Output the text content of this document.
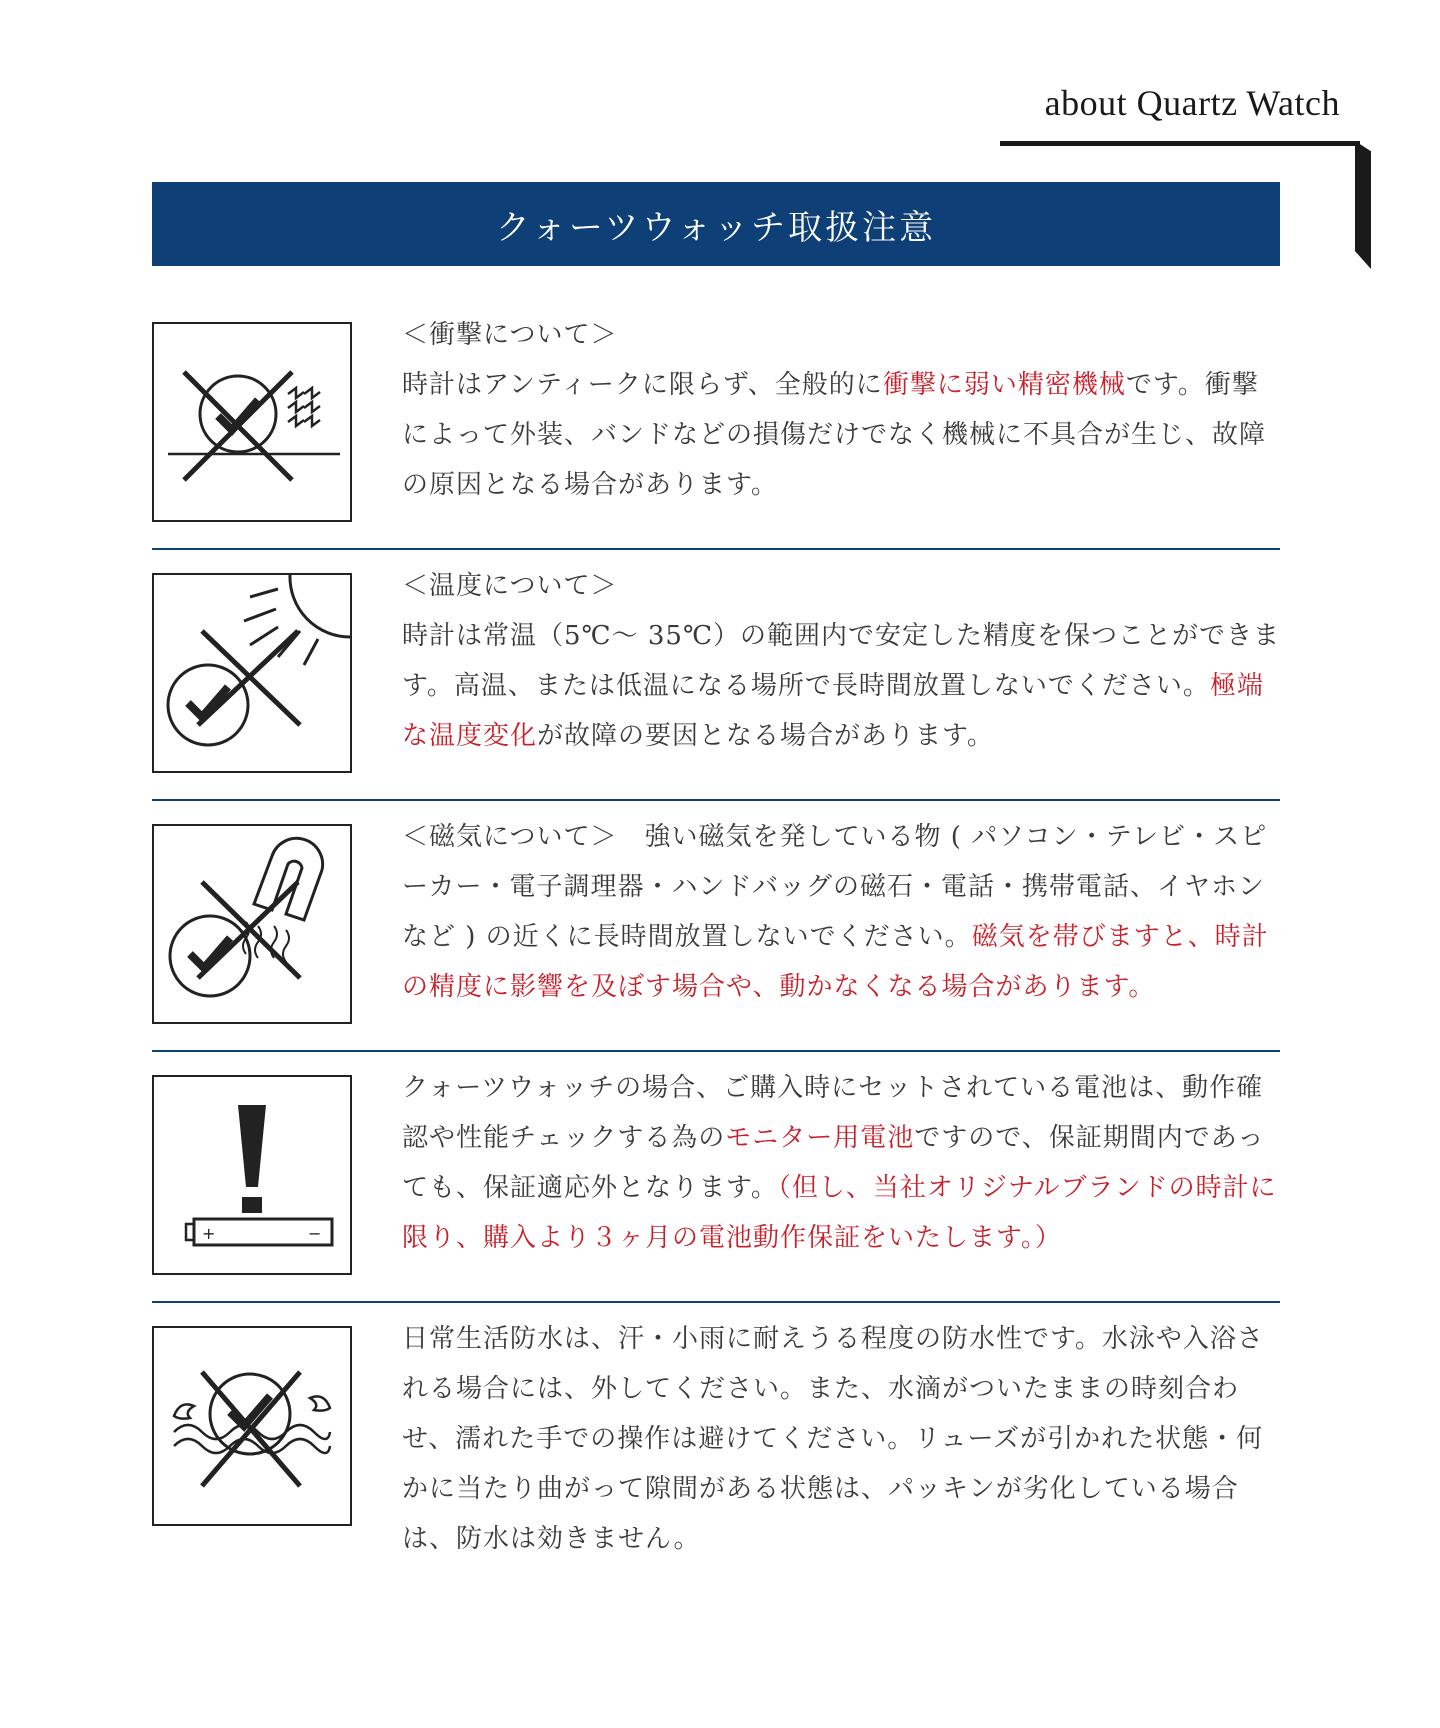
about Quartz Watch
クォーツウォッチ取扱注意

＜衝撃について＞

時計はアンティークに限らず、全般的に衝撃に弱い精密機械です。衝撃によって外装、バンドなどの損傷だけでなく機械に不具合が生じ、故障の原因となる場合があります。

＜温度について＞

時計は常温（5℃～ 35℃）の範囲内で安定した精度を保つことができます。高温、または低温になる場所で長時間放置しないでください。極端な温度変化が故障の要因となる場合があります。

＜磁気について＞　強い磁気を発している物 ( パソコン・テレビ・スピーカー・電子調理器・ハンドバッグの磁石・電話・携帯電話、イヤホンなど ) の近くに長時間放置しないでください。磁気を帯びますと、時計の精度に影響を及ぼす場合や、動かなくなる場合があります。

+	−

クォーツウォッチの場合、ご購入時にセットされている電池は、動作確認や性能チェックする為のモニター用電池ですので、保証期間内であっても、保証適応外となります。（但し、当社オリジナルブランドの時計に限り、購入より３ヶ月の電池動作保証をいたします。）

日常生活防水は、汗・小雨に耐えうる程度の防水性です。水泳や入浴される場合には、外してください。また、水滴がついたままの時刻合わせ、濡れた手での操作は避けてください。リューズが引かれた状態・何かに当たり曲がって隙間がある状態は、パッキンが劣化している場合は、防水は効きません。
